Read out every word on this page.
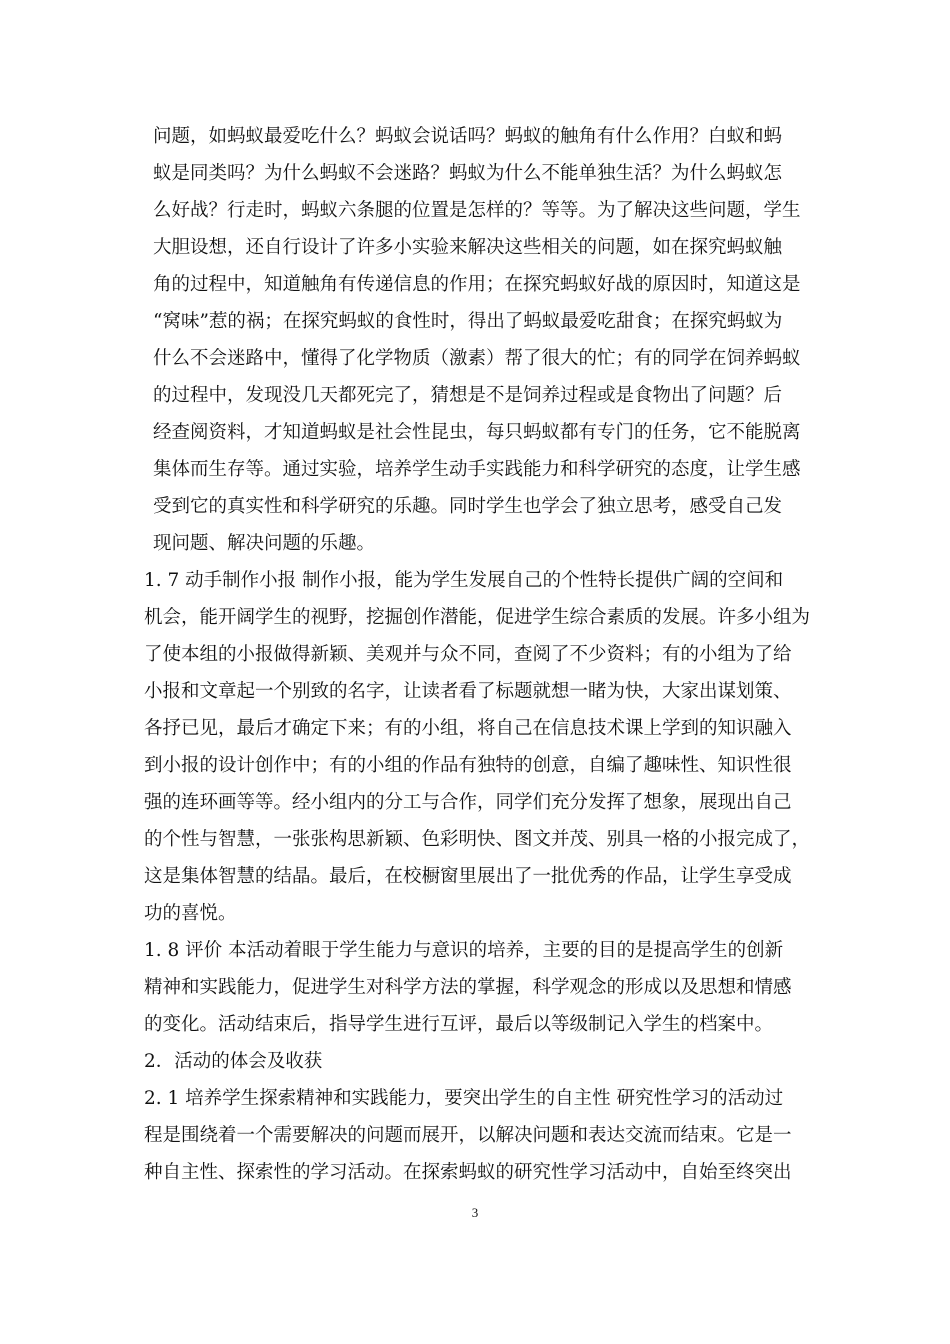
问题，如蚂蚁最爱吃什么？蚂蚁会说话吗？蚂蚁的触角有什么作用？白蚁和蚂
蚁是同类吗？为什么蚂蚁不会迷路？蚂蚁为什么不能单独生活？为什么蚂蚁怎
么好战？行走时，蚂蚁六条腿的位置是怎样的？等等。为了解决这些问题，学生
大胆设想，还自行设计了许多小实验来解决这些相关的问题，如在探究蚂蚁触
角的过程中，知道触角有传递信息的作用；在探究蚂蚁好战的原因时，知道这是
“窝味”惹的祸；在探究蚂蚁的食性时，得出了蚂蚁最爱吃甜食；在探究蚂蚁为
什么不会迷路中，懂得了化学物质（激素）帮了很大的忙；有的同学在饲养蚂蚁
的过程中，发现没几天都死完了，猜想是不是饲养过程或是食物出了问题？后
经查阅资料，才知道蚂蚁是社会性昆虫，每只蚂蚁都有专门的任务，它不能脱离
集体而生存等。通过实验，培养学生动手实践能力和科学研究的态度，让学生感
受到它的真实性和科学研究的乐趣。同时学生也学会了独立思考，感受自己发
现问题、解决问题的乐趣。
1. 7 动手制作小报 制作小报，能为学生发展自己的个性特长提供广阔的空间和
机会，能开阔学生的视野，挖掘创作潜能，促进学生综合素质的发展。许多小组为
了使本组的小报做得新颖、美观并与众不同，查阅了不少资料；有的小组为了给
小报和文章起一个别致的名字，让读者看了标题就想一睹为快，大家出谋划策、
各抒已见，最后才确定下来；有的小组，将自己在信息技术课上学到的知识融入
到小报的设计创作中；有的小组的作品有独特的创意，自编了趣味性、知识性很
强的连环画等等。经小组内的分工与合作，同学们充分发挥了想象，展现出自己
的个性与智慧，一张张构思新颖、色彩明快、图文并茂、别具一格的小报完成了，
这是集体智慧的结晶。最后，在校橱窗里展出了一批优秀的作品，让学生享受成
功的喜悦。
1. 8 评价 本活动着眼于学生能力与意识的培养，主要的目的是提高学生的创新
精神和实践能力，促进学生对科学方法的掌握，科学观念的形成以及思想和情感
的变化。活动结束后，指导学生进行互评，最后以等级制记入学生的档案中。
2．活动的体会及收获
2. 1 培养学生探索精神和实践能力，要突出学生的自主性 研究性学习的活动过
程是围绕着一个需要解决的问题而展开，以解决问题和表达交流而结束。它是一
种自主性、探索性的学习活动。在探索蚂蚁的研究性学习活动中，自始至终突出
3
